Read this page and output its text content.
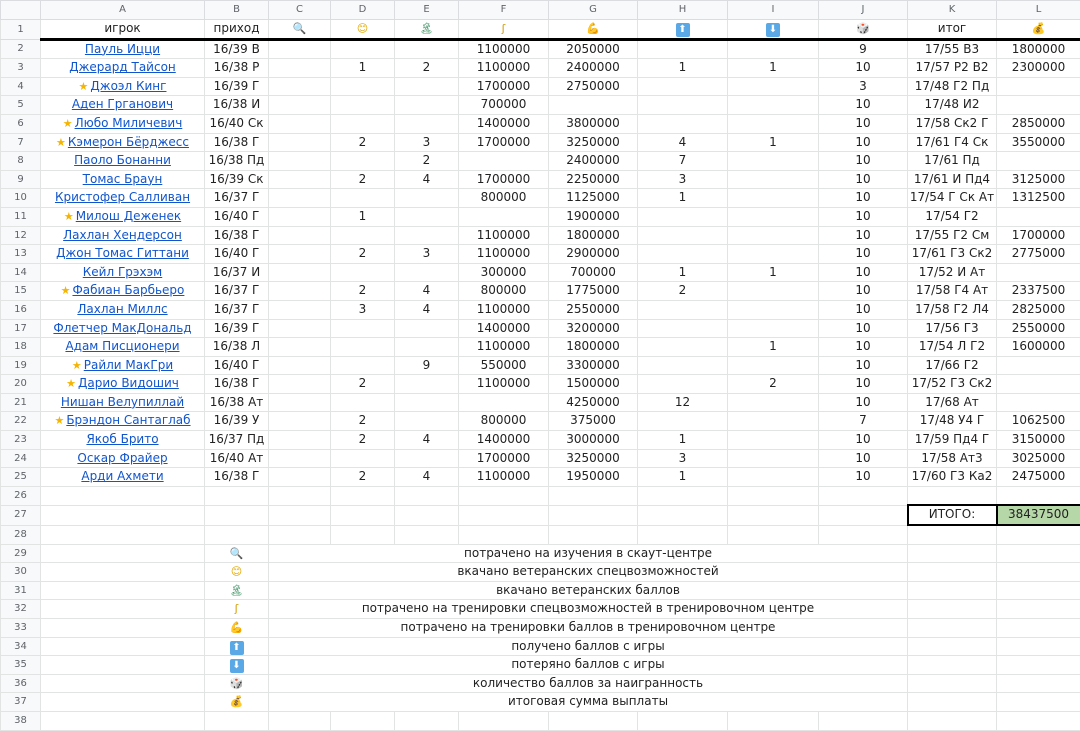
	A	B	C	D	E	F	G	H	I	J	K	L
1	игрок	приход	🔍	😊	🏝	ʃ	💪	⬆	⬇	🎲	итог	💰
2	Пауль Ицци	16/39 В				1100000	2050000			9	17/55 В3	1800000
3	Джерард Тайсон	16/38 Р		1	2	1100000	2400000	1	1	10	17/57 Р2 В2	2300000
4	★ Джоэл Кинг	16/39 Г				1700000	2750000			3	17/48 Г2 Пд	
5	Аден Грганович	16/38 И				700000				10	17/48 И2	
6	★ Любо Миличевич	16/40 Ск				1400000	3800000			10	17/58 Ск2 Г	2850000
7	★ Кэмерон Бёрджесс	16/38 Г		2	3	1700000	3250000	4	1	10	17/61 Г4 Ск	3550000
8	Паоло Бонанни	16/38 Пд			2		2400000	7		10	17/61 Пд	
9	Томас Браун	16/39 Ск		2	4	1700000	2250000	3		10	17/61 И Пд4	3125000
10	Кристофер Салливан	16/37 Г				800000	1125000	1		10	17/54 Г Ск Ат	1312500
11	★ Милош Деженек	16/40 Г		1			1900000			10	17/54 Г2	
12	Лахлан Хендерсон	16/38 Г				1100000	1800000			10	17/55 Г2 См	1700000
13	Джон Томас Гиттани	16/40 Г		2	3	1100000	2900000			10	17/61 Г3 Ск2	2775000
14	Кейл Грэхэм	16/37 И				300000	700000	1	1	10	17/52 И Ат	
15	★ Фабиан Барбьеро	16/37 Г		2	4	800000	1775000	2		10	17/58 Г4 Ат	2337500
16	Лахлан Миллс	16/37 Г		3	4	1100000	2550000			10	17/58 Г2 Л4	2825000
17	Флетчер МакДональд	16/39 Г				1400000	3200000			10	17/56 Г3	2550000
18	Адам Писционери	16/38 Л				1100000	1800000		1	10	17/54 Л Г2	1600000
19	★ Райли МакГри	16/40 Г			9	550000	3300000			10	17/66 Г2	
20	★ Дарио Видошич	16/38 Г		2		1100000	1500000		2	10	17/52 Г3 Ск2	
21	Нишан Велупиллай	16/38 Ат					4250000	12		10	17/68 Ат	
22	★ Брэндон Сантаглаб	16/39 У		2		800000	375000			7	17/48 У4 Г	1062500
23	Якоб Брито	16/37 Пд		2	4	1400000	3000000	1		10	17/59 Пд4 Г	3150000
24	Оскар Фрайер	16/40 Ат				1700000	3250000	3		10	17/58 Ат3	3025000
25	Арди Ахмети	16/38 Г		2	4	1100000	1950000	1		10	17/60 Г3 Ка2	2475000
26												
27											ИТОГО:	38437500
28												
29		🔍	потрачено на изучения в скаут-центре									
30		😊	вкачано ветеранских спецвозможностей									
31		🏝	вкачано ветеранских баллов									
32		ʃ	потрачено на тренировки спецвозможностей в тренировочном центре									
33		💪	потрачено на тренировки баллов в тренировочном центре									
34		⬆	получено баллов с игры									
35		⬇	потеряно баллов с игры									
36		🎲	количество баллов за наигранность									
37		💰	итоговая сумма выплаты									
38												
